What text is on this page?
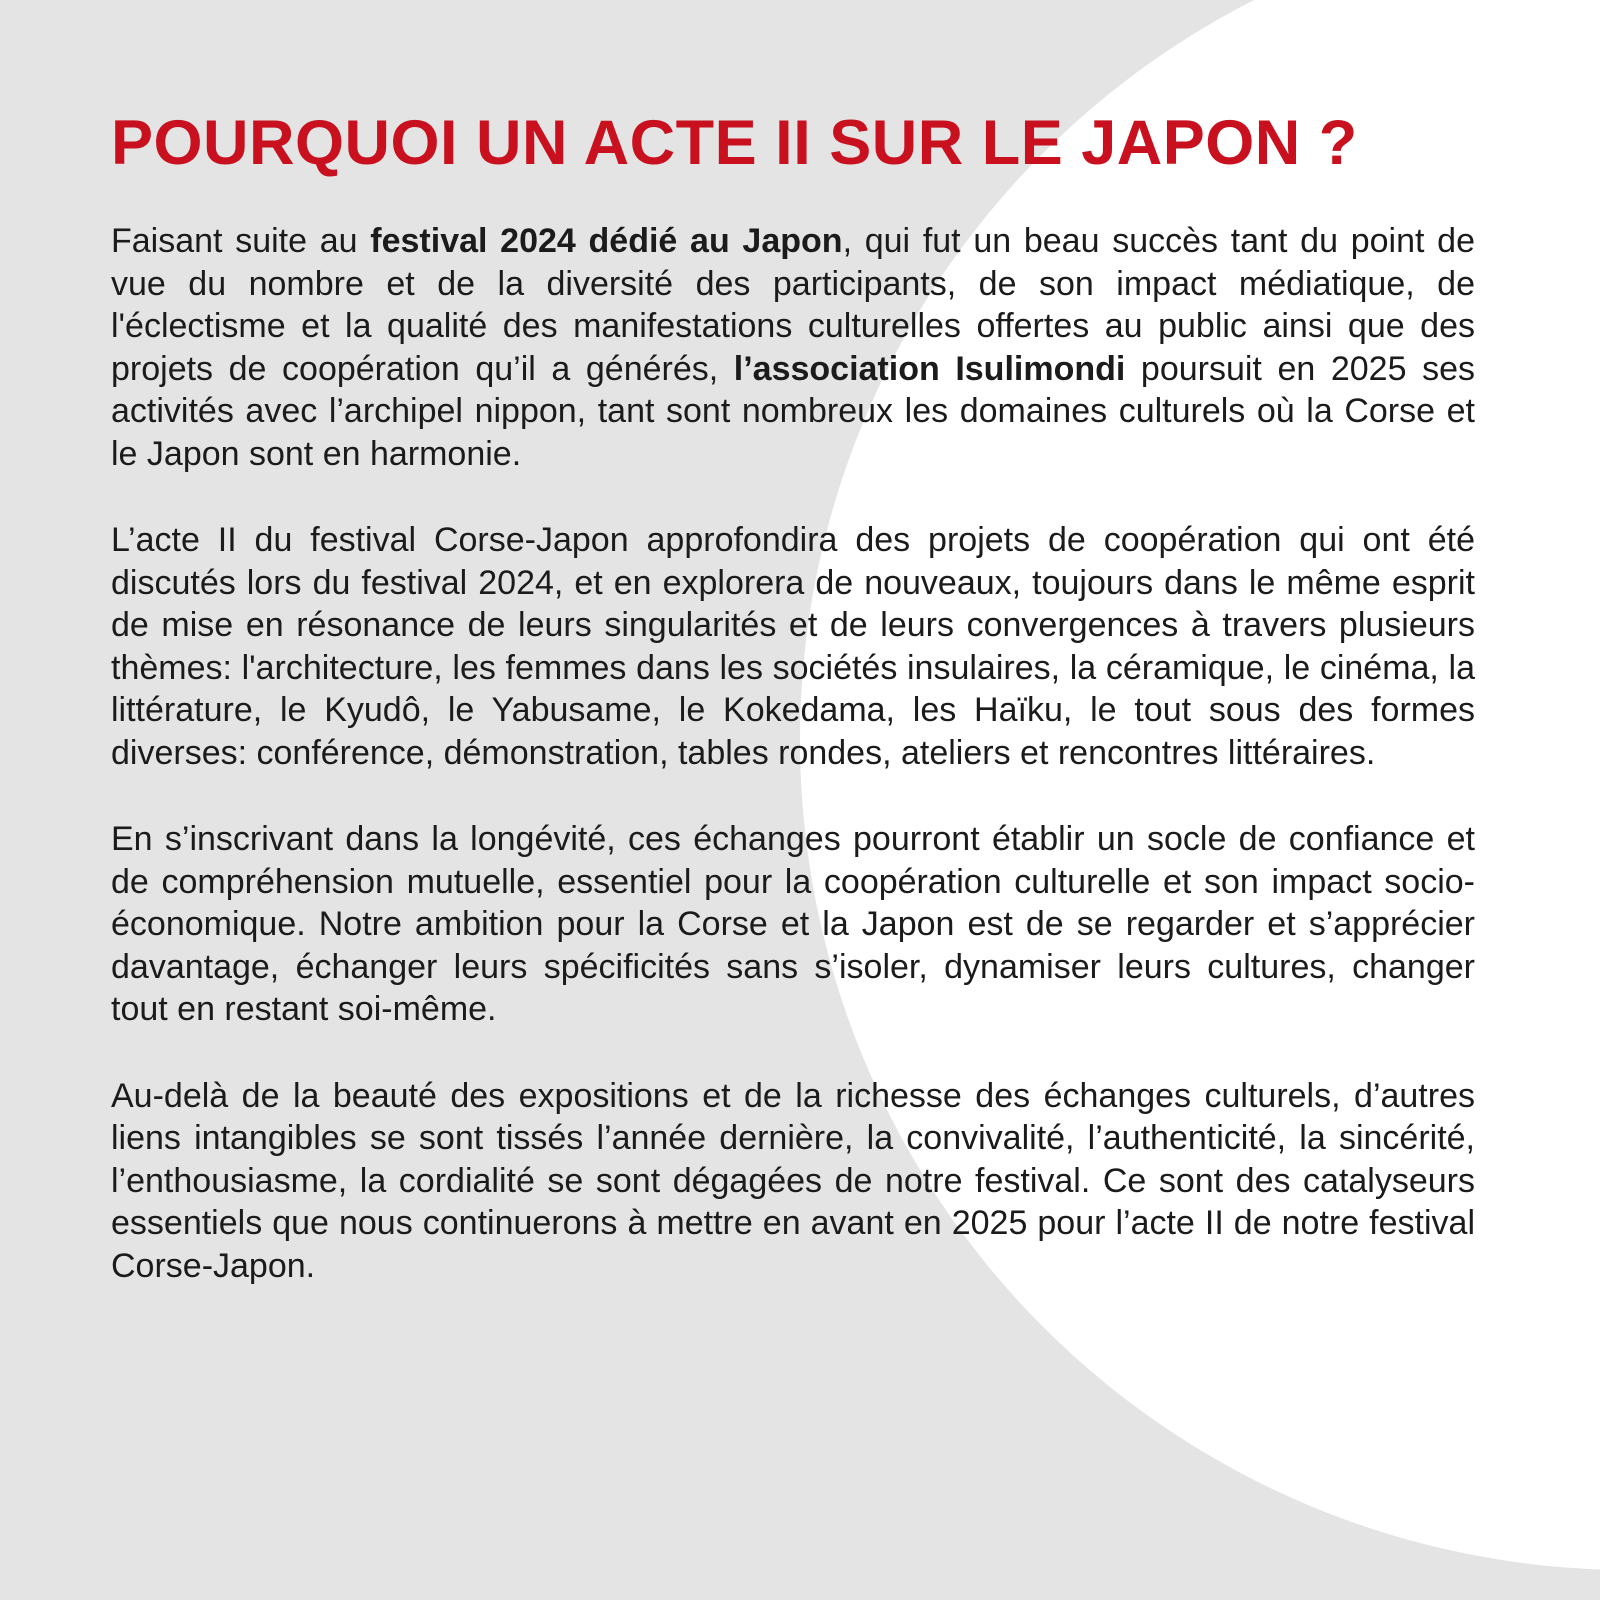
POURQUOI UN ACTE II SUR LE JAPON ?

Faisant suite au festival 2024 dédié au Japon, qui fut un beau succès tant du point de vue du nombre et de la diversité des participants, de son impact médiatique, de l'éclectisme et la qualité des manifestations culturelles offertes au public ainsi que des projets de coopération qu’il a générés, l’association Isulimondi poursuit en 2025 ses activités avec l’archipel nippon, tant sont nombreux les domaines culturels où la Corse et le Japon sont en harmonie.

L’acte II du festival Corse-Japon approfondira des projets de coopération qui ont été discutés lors du festival 2024, et en explorera de nouveaux, toujours dans le même esprit de mise en résonance de leurs singularités et de leurs convergences à travers plusieurs thèmes: l'architecture, les femmes dans les sociétés insulaires, la céramique, le cinéma, la littérature, le Kyudô, le Yabusame, le Kokedama, les Haïku, le tout sous des formes diverses: conférence, démonstration, tables rondes, ateliers et rencontres littéraires.

En s’inscrivant dans la longévité, ces échanges pourront établir un socle de confiance et de compréhension mutuelle, essentiel pour la coopération culturelle et son impact socio-économique. Notre ambition pour la Corse et la Japon est de se regarder et s’apprécier davantage, échanger leurs spécificités sans s’isoler, dynamiser leurs cultures, changer tout en restant soi-même.

Au-delà de la beauté des expositions et de la richesse des échanges culturels, d’autres liens intangibles se sont tissés l’année dernière, la convivalité, l’authenticité, la sincérité, l’enthousiasme, la cordialité se sont dégagées de notre festival. Ce sont des catalyseurs essentiels que nous continuerons à mettre en avant en 2025 pour l’acte II de notre festival Corse-Japon.
